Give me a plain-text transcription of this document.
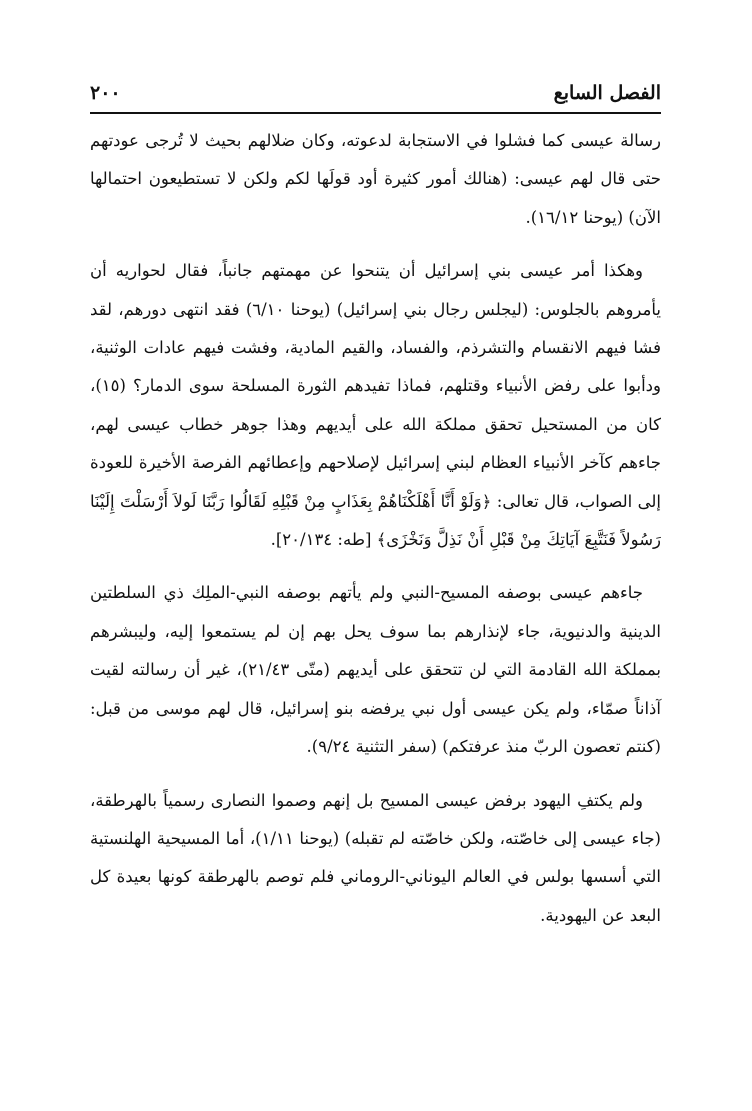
الفصل السابع
٢٠٠

رسالة عيسى كما فشلوا في الاستجابة لدعوته، وكان ضلالهم بحيث لا تُرجى عودتهم حتى قال لهم عيسى: (هنالك أمور كثيرة أود قولَها لكم ولكن لا تستطيعون احتمالها الآن) (يوحنا ١٦/١٢).

وهكذا أمر عيسى بني إسرائيل أن يتنحوا عن مهمتهم جانباً، فقال لحواريه أن يأمروهم بالجلوس: (ليجلس رجال بني إسرائيل) (يوحنا ٦/١٠) فقد انتهى دورهم، لقد فشا فيهم الانقسام والتشرذم، والفساد، والقيم المادية، وفشت فيهم عادات الوثنية، ودأبوا على رفض الأنبياء وقتلهم، فماذا تفيدهم الثورة المسلحة سوى الدمار؟ (١٥)، كان من المستحيل تحقق مملكة الله على أيديهم وهذا جوهر خطاب عيسى لهم، جاءهم كآخر الأنبياء العظام لبني إسرائيل لإصلاحهم وإعطائهم الفرصة الأخيرة للعودة إلى الصواب، قال تعالى: ﴿وَلَوْ أَنَّا أَهْلَكْنَاهُمْ بِعَذَابٍ مِنْ قَبْلِهِ لَقَالُوا رَبَّنَا لَولاَ أَرْسَلْتَ إِلَيْنَا رَسُولاً فَنَتَّبِعَ آيَاتِكَ مِنْ قَبْلِ أَنْ نَذِلَّ وَنَخْزَى﴾ [طه: ٢٠/١٣٤].

جاءهم عيسى بوصفه المسيح-النبي ولم يأتهم بوصفه النبي-الملِك ذي السلطتين الدينية والدنيوية، جاء لإنذارهم بما سوف يحل بهم إن لم يستمعوا إليه، وليبشرهم بمملكة الله القادمة التي لن تتحقق على أيديهم (متّى ٢١/٤٣)، غير أن رسالته لقيت آذاناً صمّاء، ولم يكن عيسى أول نبي يرفضه بنو إسرائيل، قال لهم موسى من قبل: (كنتم تعصون الربّ منذ عرفتكم) (سفر التثنية ٩/٢٤).

ولم يكتفِ اليهود برفض عيسى المسيح بل إنهم وصموا النصارى رسمياً بالهرطقة، (جاء عيسى إلى خاصّته، ولكن خاصّته لم تقبله) (يوحنا ١/١١)، أما المسيحية الهلنستية التي أسسها بولس في العالم اليوناني-الروماني فلم توصم بالهرطقة كونها بعيدة كل البعد عن اليهودية.
